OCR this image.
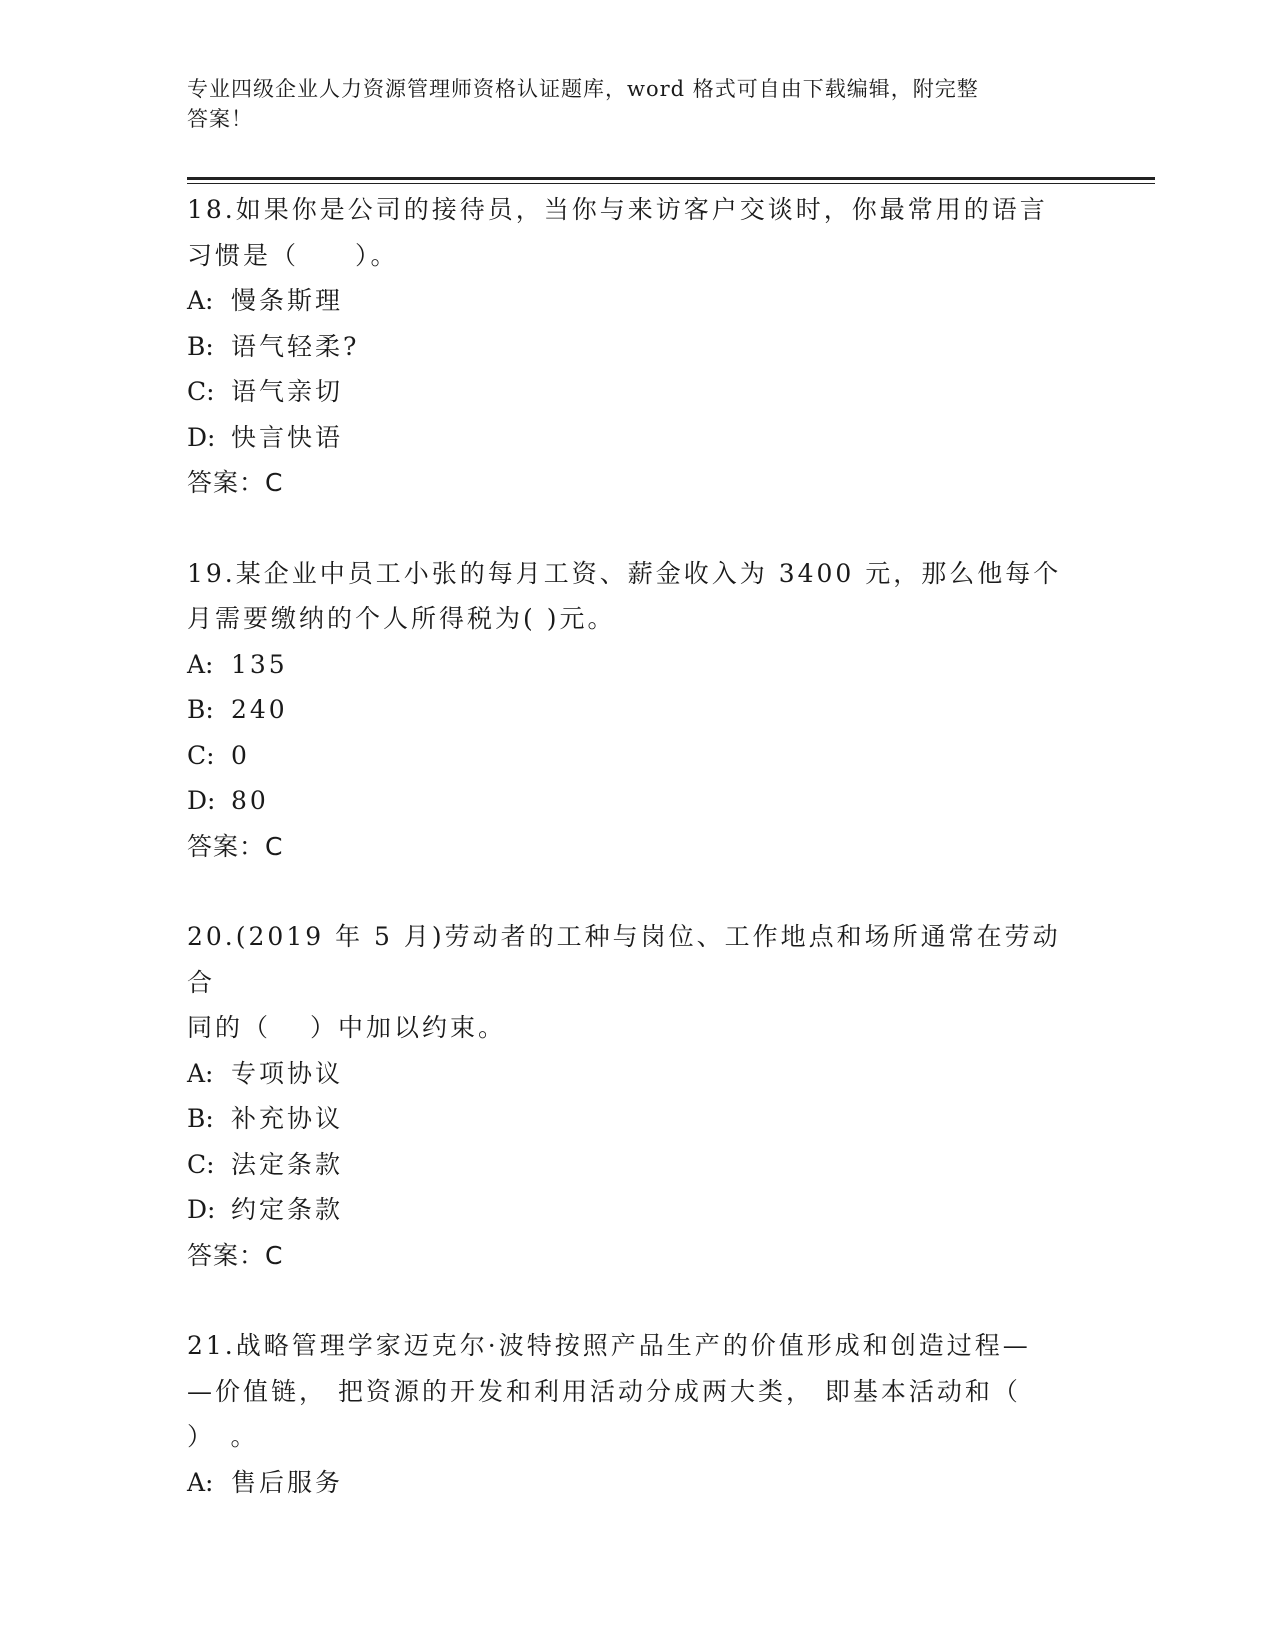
专业四级企业人力资源管理师资格认证题库，word 格式可自由下载编辑，附完整
答案！

18.如果你是公司的接待员，当你与来访客户交谈时，你最常用的语言

习惯是（　　）。

A: 慢条斯理

B: 语气轻柔?

C: 语气亲切

D: 快言快语

答案：C

19.某企业中员工小张的每月工资、薪金收入为 3400 元，那么他每个

月需要缴纳的个人所得税为( )元。

A: 135

B: 240

C: 0

D: 80

答案：C

20.(2019 年 5 月)劳动者的工种与岗位、工作地点和场所通常在劳动合

同的（　 ）中加以约束。

A: 专项协议

B: 补充协议

C: 法定条款

D: 约定条款

答案：C

21.战略管理学家迈克尔·波特按照产品生产的价值形成和创造过程—

—价值链， 把资源的开发和利用活动分成两大类， 即基本活动和（

）　。

A: 售后服务
